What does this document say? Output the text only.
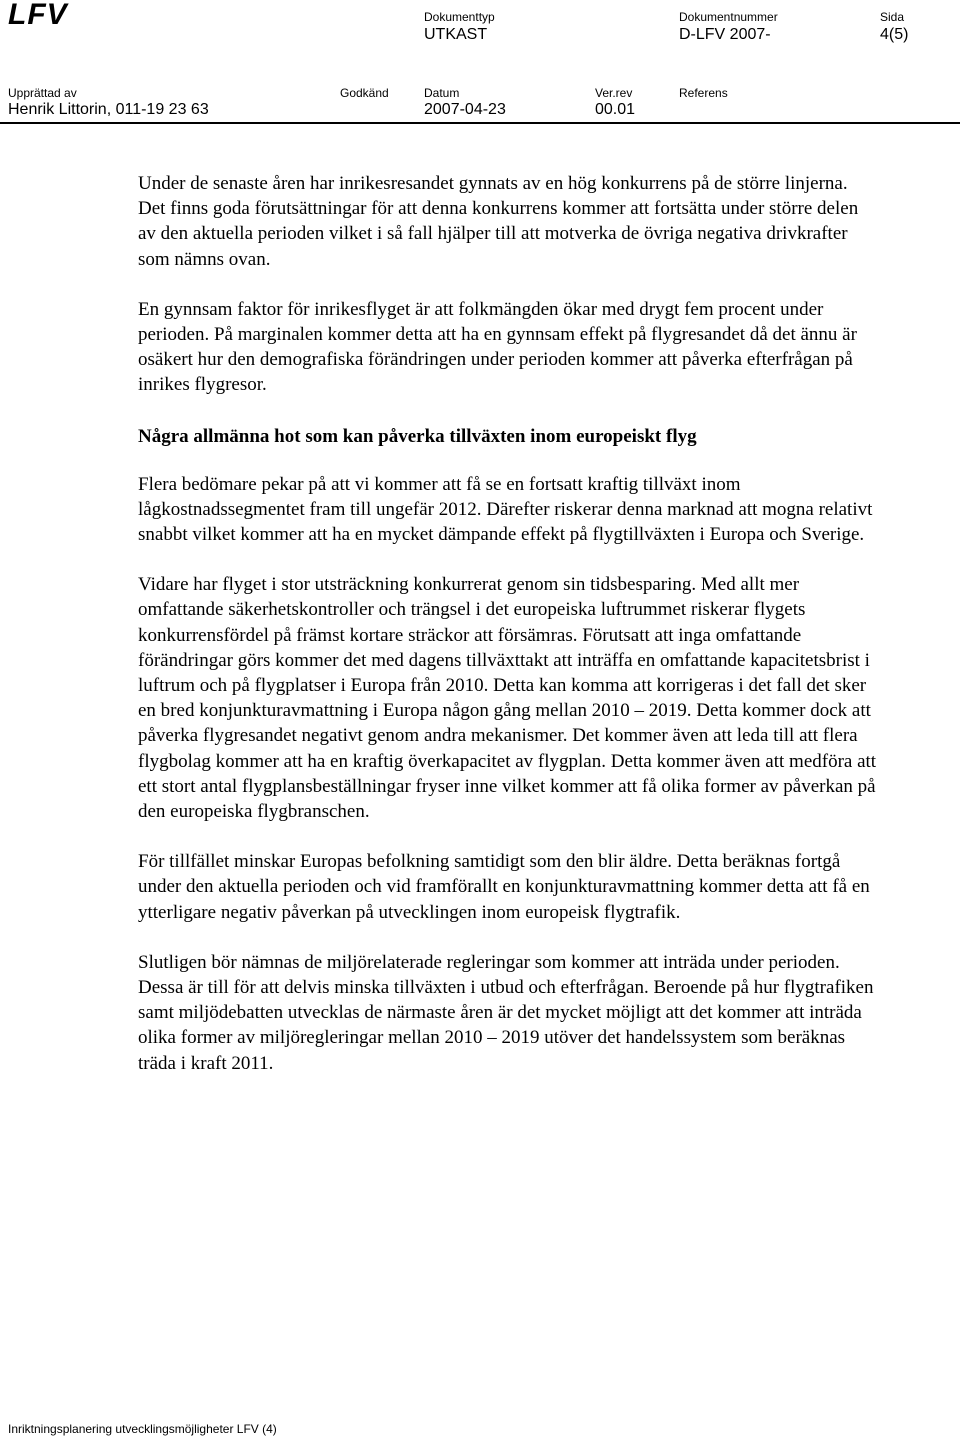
LFV	Dokumenttyp
UTKAST
Dokumentnummer
D-LFV 2007-
Sida
4(5)
Upprättad av
Henrik Littorin, 011-19 23 63
Godkänd	Datum
2007-04-23
Ver.rev
00.01
Referens

Under de senaste åren har inrikesresandet gynnats av en hög konkurrens på de större linjerna. Det finns goda förutsättningar för att denna konkurrens kommer att fortsätta under större delen av den aktuella perioden vilket i så fall hjälper till att motverka de övriga negativa drivkrafter som nämns ovan.

En gynnsam faktor för inrikesflyget är att folkmängden ökar med drygt fem procent under perioden. På marginalen kommer detta att ha en gynnsam effekt på flygresandet då det ännu är osäkert hur den demografiska förändringen under perioden kommer att påverka efterfrågan på inrikes flygresor.

Några allmänna hot som kan påverka tillväxten inom europeiskt flyg

Flera bedömare pekar på att vi kommer att få se en fortsatt kraftig tillväxt inom lågkostnadssegmentet fram till ungefär 2012. Därefter riskerar denna marknad att mogna relativt snabbt vilket kommer att ha en mycket dämpande effekt på flygtillväxten i Europa och Sverige.

Vidare har flyget i stor utsträckning konkurrerat genom sin tidsbesparing. Med allt mer omfattande säkerhetskontroller och trängsel i det europeiska luftrummet riskerar flygets konkurrensfördel på främst kortare sträckor att försämras. Förutsatt att inga omfattande förändringar görs kommer det med dagens tillväxttakt att inträffa en omfattande kapacitetsbrist i luftrum och på flygplatser i Europa från 2010. Detta kan komma att korrigeras i det fall det sker en bred konjunkturavmattning i Europa någon gång mellan 2010 – 2019. Detta kommer dock att påverka flygresandet negativt genom andra mekanismer. Det kommer även att leda till att flera flygbolag kommer att ha en kraftig överkapacitet av flygplan. Detta kommer även att medföra att ett stort antal flygplansbeställningar fryser inne vilket kommer att få olika former av påverkan på den europeiska flygbranschen.

För tillfället minskar Europas befolkning samtidigt som den blir äldre. Detta beräknas fortgå under den aktuella perioden och vid framförallt en konjunkturavmattning kommer detta att få en ytterligare negativ påverkan på utvecklingen inom europeisk flygtrafik.

Slutligen bör nämnas de miljörelaterade regleringar som kommer att inträda under perioden. Dessa är till för att delvis minska tillväxten i utbud och efterfrågan. Beroende på hur flygtrafiken samt miljödebatten utvecklas de närmaste åren är det mycket möjligt att det kommer att inträda olika former av miljöregleringar mellan 2010 – 2019 utöver det handelssystem som beräknas träda i kraft 2011.

Inriktningsplanering utvecklingsmöjligheter LFV (4)
